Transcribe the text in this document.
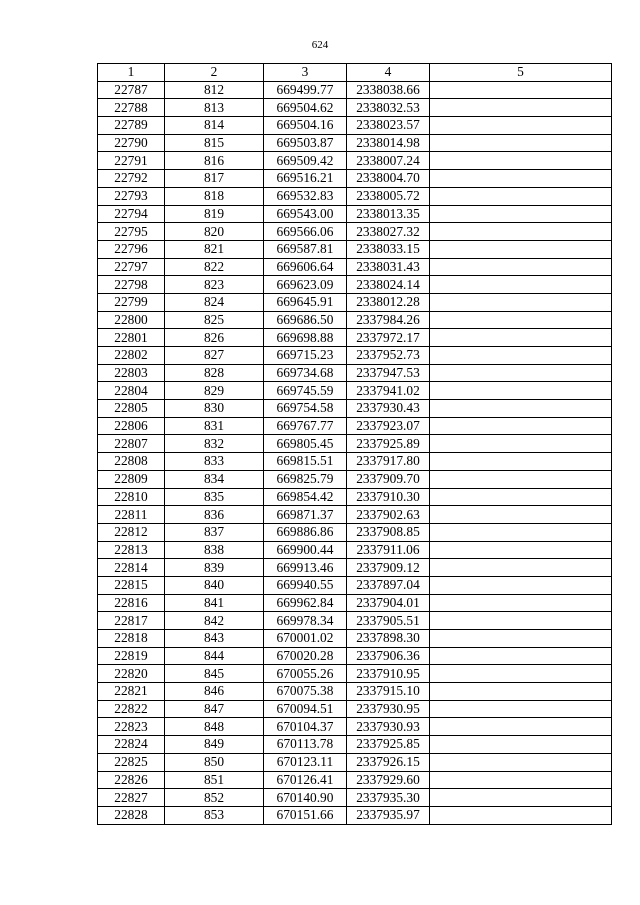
624
1	2	3	4	5
22787	812	669499.77	2338038.66	
22788	813	669504.62	2338032.53	
22789	814	669504.16	2338023.57	
22790	815	669503.87	2338014.98	
22791	816	669509.42	2338007.24	
22792	817	669516.21	2338004.70	
22793	818	669532.83	2338005.72	
22794	819	669543.00	2338013.35	
22795	820	669566.06	2338027.32	
22796	821	669587.81	2338033.15	
22797	822	669606.64	2338031.43	
22798	823	669623.09	2338024.14	
22799	824	669645.91	2338012.28	
22800	825	669686.50	2337984.26	
22801	826	669698.88	2337972.17	
22802	827	669715.23	2337952.73	
22803	828	669734.68	2337947.53	
22804	829	669745.59	2337941.02	
22805	830	669754.58	2337930.43	
22806	831	669767.77	2337923.07	
22807	832	669805.45	2337925.89	
22808	833	669815.51	2337917.80	
22809	834	669825.79	2337909.70	
22810	835	669854.42	2337910.30	
22811	836	669871.37	2337902.63	
22812	837	669886.86	2337908.85	
22813	838	669900.44	2337911.06	
22814	839	669913.46	2337909.12	
22815	840	669940.55	2337897.04	
22816	841	669962.84	2337904.01	
22817	842	669978.34	2337905.51	
22818	843	670001.02	2337898.30	
22819	844	670020.28	2337906.36	
22820	845	670055.26	2337910.95	
22821	846	670075.38	2337915.10	
22822	847	670094.51	2337930.95	
22823	848	670104.37	2337930.93	
22824	849	670113.78	2337925.85	
22825	850	670123.11	2337926.15	
22826	851	670126.41	2337929.60	
22827	852	670140.90	2337935.30	
22828	853	670151.66	2337935.97	
